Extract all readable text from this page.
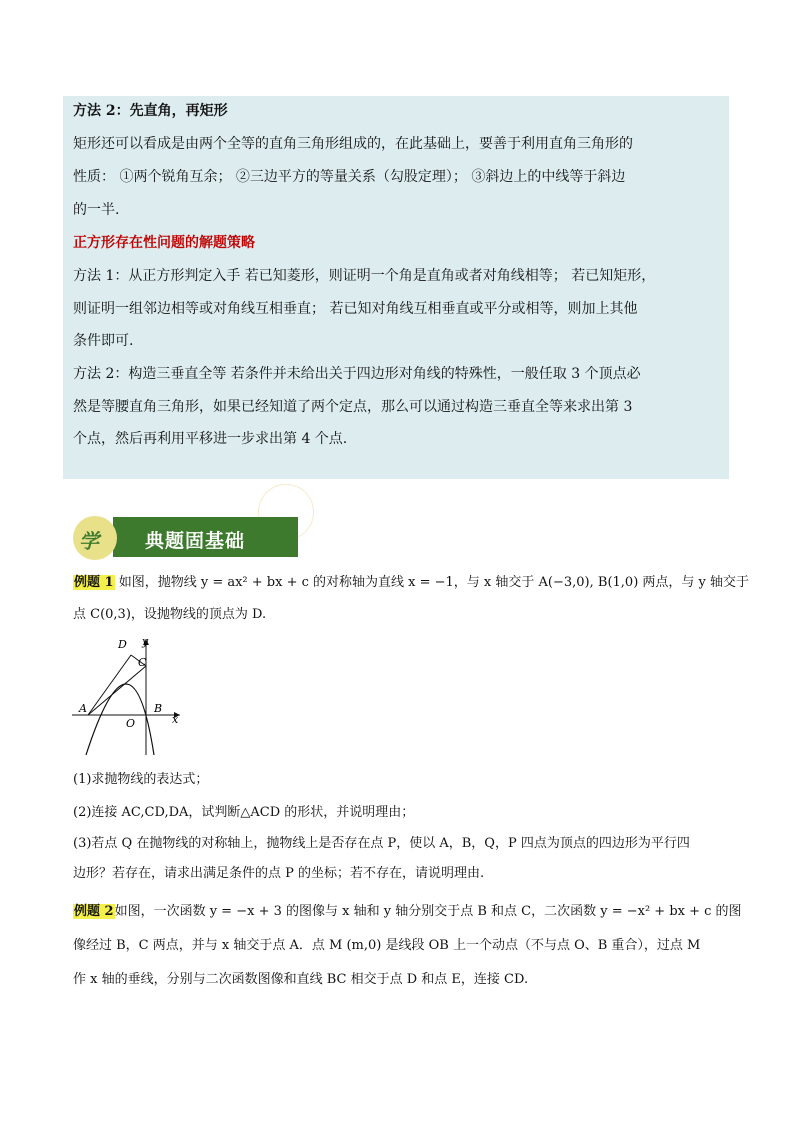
方法 2：先直角，再矩形
矩形还可以看成是由两个全等的直角三角形组成的，在此基础上，要善于利用直角三角形的
性质： ①两个锐角互余； ②三边平方的等量关系（勾股定理）； ③斜边上的中线等于斜边
的一半.
正方形存在性问题的解题策略
方法 1：从正方形判定入手 若已知菱形，则证明一个角是直角或者对角线相等； 若已知矩形，
则证明一组邻边相等或对角线互相垂直； 若已知对角线互相垂直或平分或相等，则加上其他
条件即可.
方法 2：构造三垂直全等 若条件并未给出关于四边形对角线的特殊性，一般任取 3 个顶点必
然是等腰直角三角形，如果已经知道了两个定点，那么可以通过构造三垂直全等来求出第 3
个点，然后再利用平移进一步求出第 4 个点.
学 典题固基础
例题 1 如图，抛物线 y = ax² + bx + c 的对称轴为直线 x = −1，与 x 轴交于 A(−3,0), B(1,0) 两点，与 y 轴交于
点 C(0,3)，设抛物线的顶点为 D.
D
C
y
A
O
B
x
(1)求抛物线的表达式；
(2)连接 AC,CD,DA，试判断△ACD 的形状，并说明理由；
(3)若点 Q 在抛物线的对称轴上，抛物线上是否存在点 P，使以 A，B，Q，P 四点为顶点的四边形为平行四
边形？若存在，请求出满足条件的点 P 的坐标；若不存在，请说明理由.
例题 2如图，一次函数 y = −x + 3 的图像与 x 轴和 y 轴分别交于点 B 和点 C，二次函数 y = −x² + bx + c 的图
像经过 B，C 两点，并与 x 轴交于点 A．点 M (m,0) 是线段 OB 上一个动点（不与点 O、B 重合），过点 M
作 x 轴的垂线，分别与二次函数图像和直线 BC 相交于点 D 和点 E，连接 CD.
